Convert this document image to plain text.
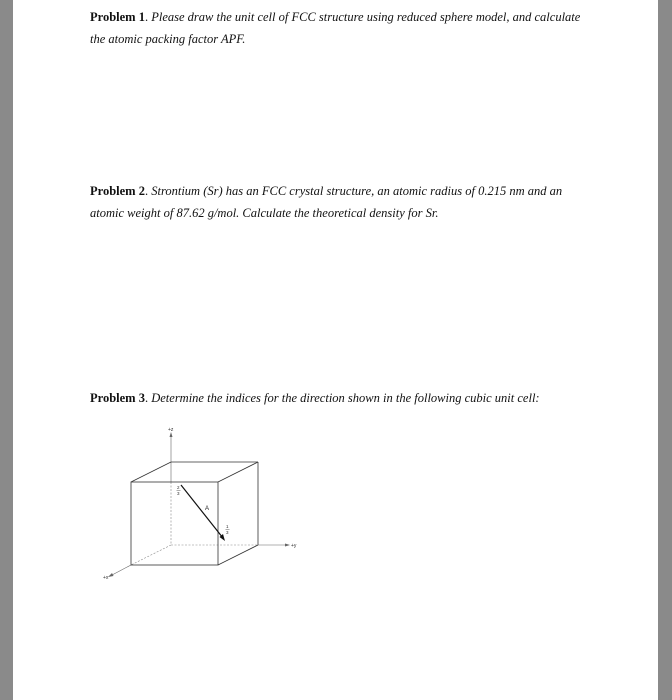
Problem 1. Please draw the unit cell of FCC structure using reduced sphere model, and calculate the atomic packing factor APF.

Problem 2. Strontium (Sr) has an FCC crystal structure, an atomic radius of 0.215 nm and an atomic weight of 87.62 g/mol. Calculate the theoretical density for Sr.

Problem 3. Determine the indices for the direction shown in the following cubic unit cell:

+z
+y
+x
A
2
3
1
3
